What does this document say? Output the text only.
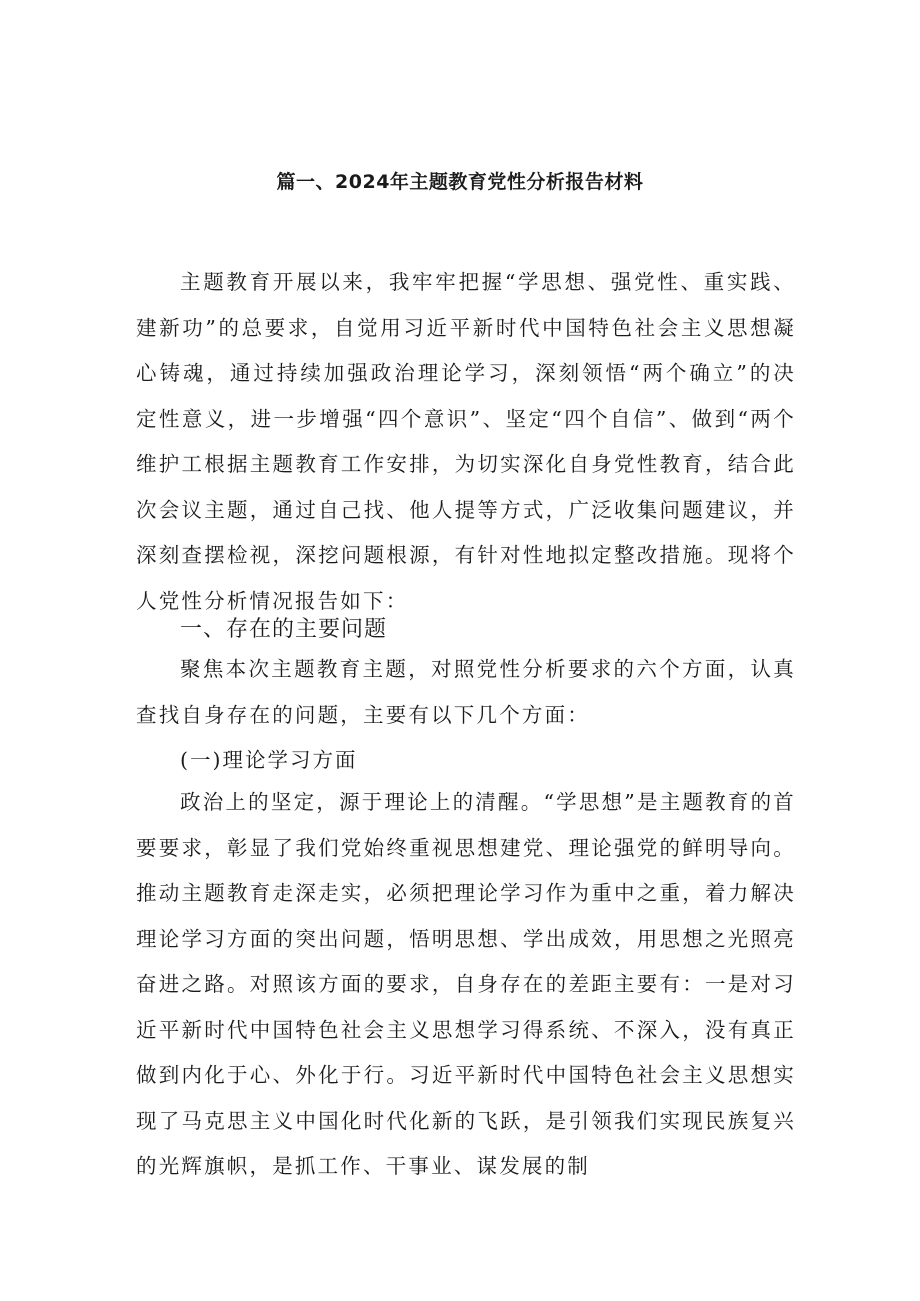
篇一、2024年主题教育党性分析报告材料

主题教育开展以来，我牢牢把握“学思想、强党性、重实践、建新功”的总要求，自觉用习近平新时代中国特色社会主义思想凝心铸魂，通过持续加强政治理论学习，深刻领悟“两个确立”的决定性意义，进一步增强“四个意识”、坚定“四个自信”、做到“两个维护工根据主题教育工作安排，为切实深化自身党性教育，结合此次会议主题，通过自己找、他人提等方式，广泛收集问题建议，并深刻查摆检视，深挖问题根源，有针对性地拟定整改措施。现将个人党性分析情况报告如下：

一、存在的主要问题

聚焦本次主题教育主题，对照党性分析要求的六个方面，认真查找自身存在的问题，主要有以下几个方面：

(一)理论学习方面

政治上的坚定，源于理论上的清醒。“学思想”是主题教育的首要要求，彰显了我们党始终重视思想建党、理论强党的鲜明导向。推动主题教育走深走实，必须把理论学习作为重中之重，着力解决理论学习方面的突出问题，悟明思想、学出成效，用思想之光照亮奋进之路。对照该方面的要求，自身存在的差距主要有：一是对习近平新时代中国特色社会主义思想学习得系统、不深入，没有真正做到内化于心、外化于行。习近平新时代中国特色社会主义思想实现了马克思主义中国化时代化新的飞跃，是引领我们实现民族复兴的光辉旗帜，是抓工作、干事业、谋发展的制
